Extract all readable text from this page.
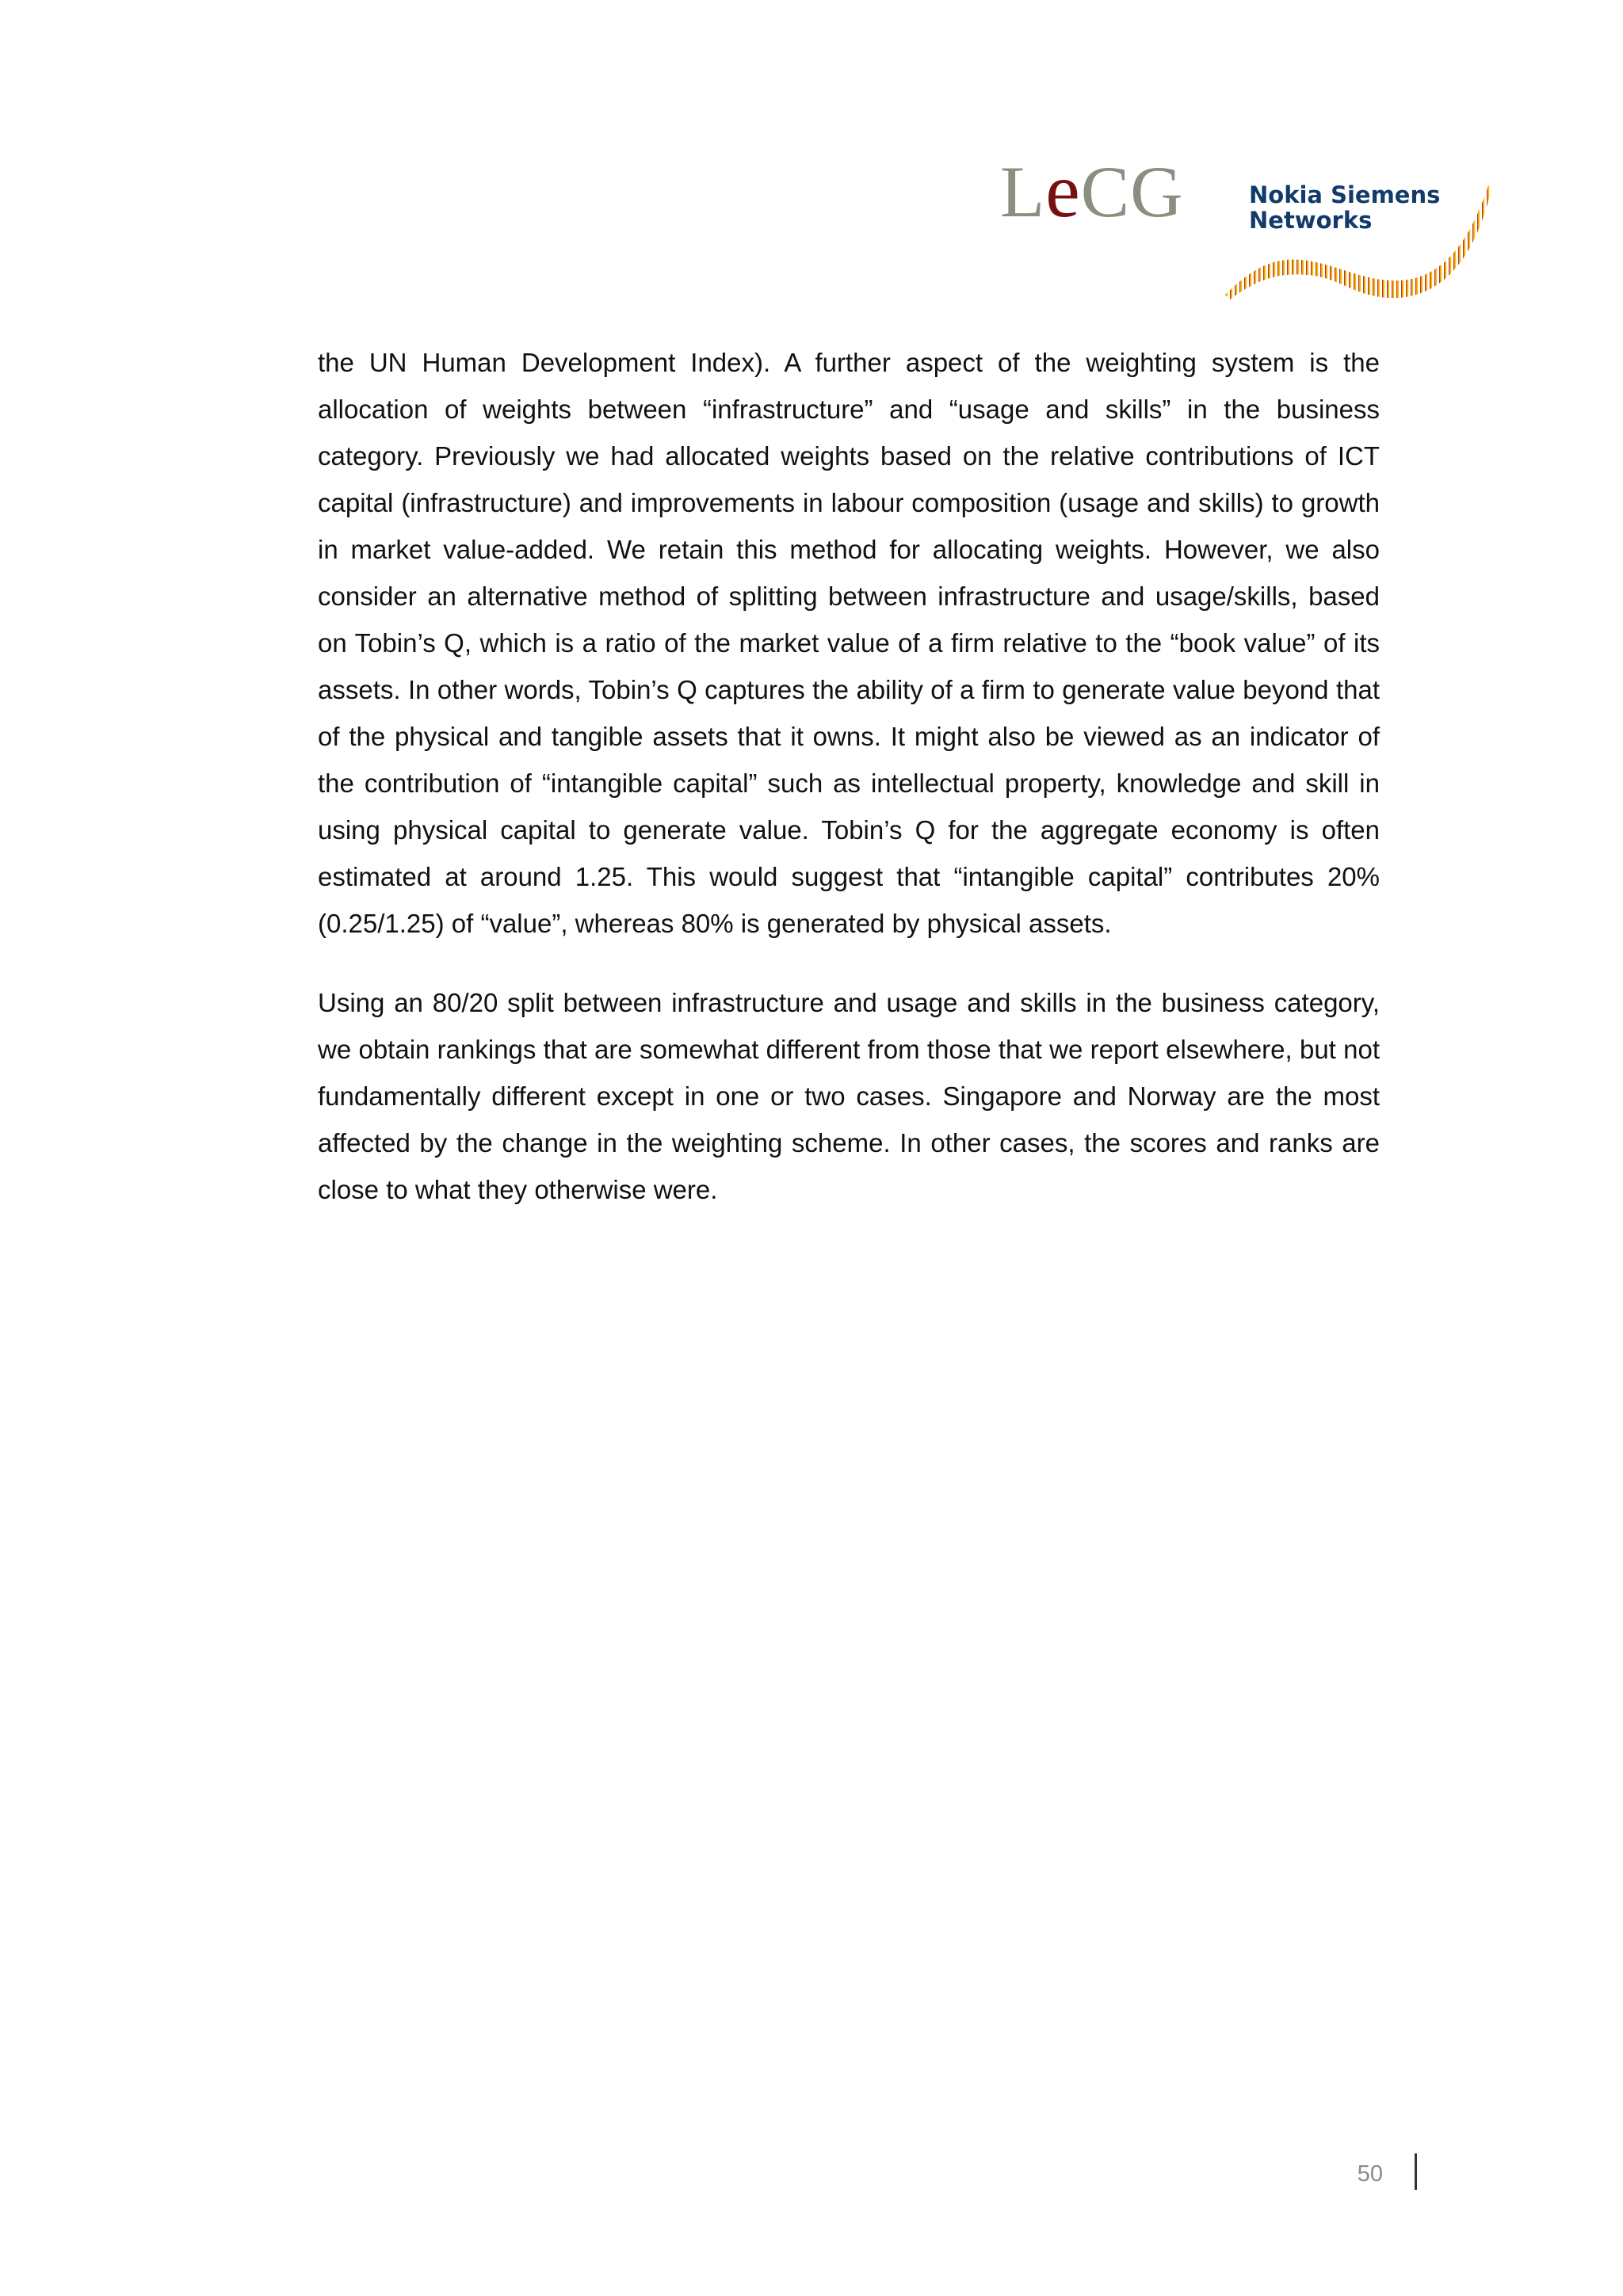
LeCG	Nokia Siemens
Networks

the UN Human Development Index). A further aspect of the weighting system is the allocation of weights between “infrastructure” and “usage and skills” in the business category. Previously we had allocated weights based on the relative contributions of ICT capital (infrastructure) and improvements in labour composition (usage and skills) to growth in market value-added. We retain this method for allocating weights. However, we also consider an alternative method of splitting between infrastructure and usage/skills, based on Tobin’s Q, which is a ratio of the market value of a firm relative to the “book value” of its assets. In other words, Tobin’s Q captures the ability of a firm to generate value beyond that of the physical and tangible assets that it owns. It might also be viewed as an indicator of the contribution of “intangible capital” such as intellectual property, knowledge and skill in using physical capital to generate value. Tobin’s Q for the aggregate economy is often estimated at around 1.25. This would suggest that “intangible capital” contributes 20% (0.25/1.25) of “value”, whereas 80% is generated by physical assets.

Using an 80/20 split between infrastructure and usage and skills in the business category, we obtain rankings that are somewhat different from those that we report elsewhere, but not fundamentally different except in one or two cases. Singapore and Norway are the most affected by the change in the weighting scheme. In other cases, the scores and ranks are close to what they otherwise were.

50
